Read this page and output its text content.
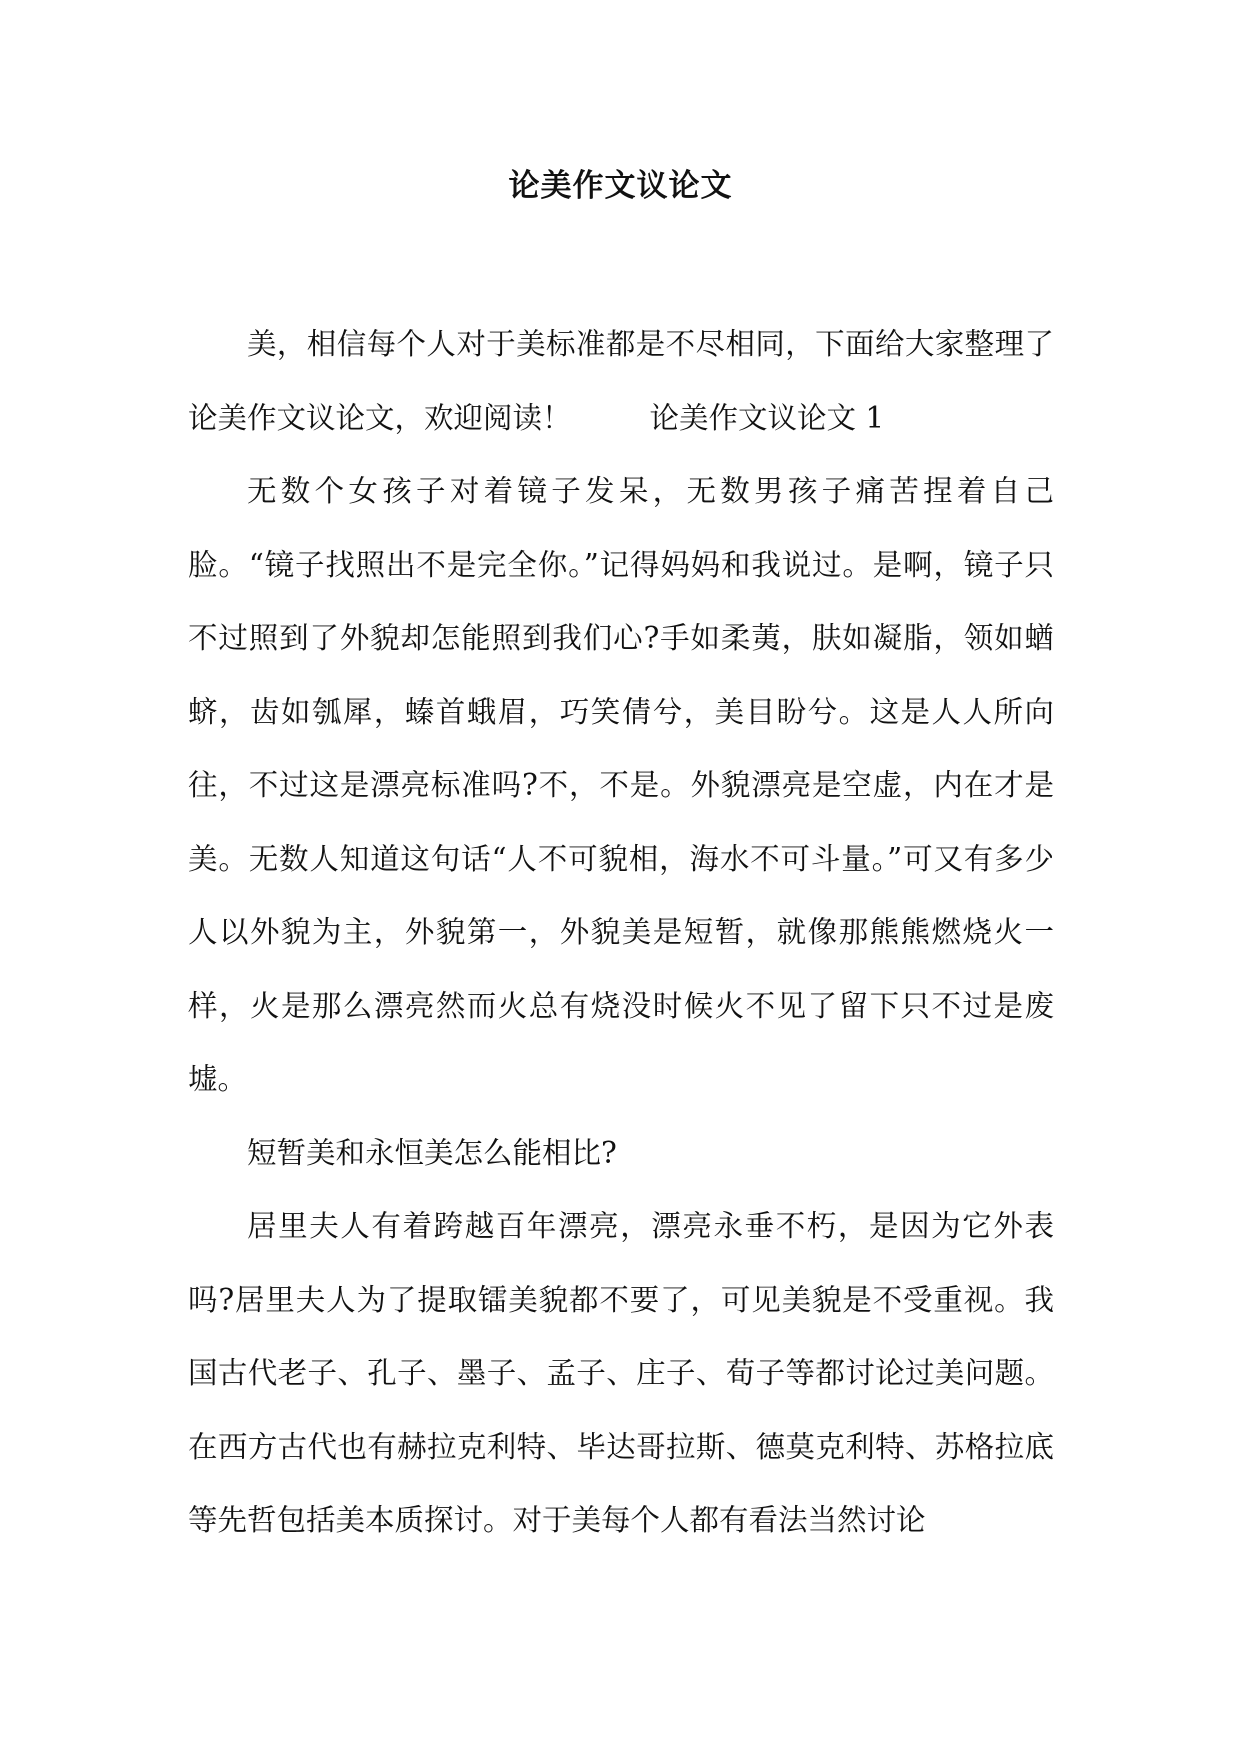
论美作文议论文

美，相信每个人对于美标准都是不尽相同，下面给大家整理了论美作文议论文，欢迎阅读！	论美作文议论文 1

无数个女孩子对着镜子发呆，无数男孩子痛苦捏着自己脸。“镜子找照出不是完全你。”记得妈妈和我说过。是啊，镜子只不过照到了外貌却怎能照到我们心?手如柔荑，肤如凝脂，领如蝤蛴，齿如瓠犀，螓首蛾眉，巧笑倩兮，美目盼兮。这是人人所向往，不过这是漂亮标准吗?不，不是。外貌漂亮是空虚，内在才是美。无数人知道这句话“人不可貌相，海水不可斗量。”可又有多少人以外貌为主，外貌第一，外貌美是短暂，就像那熊熊燃烧火一样，火是那么漂亮然而火总有烧没时候火不见了留下只不过是废墟。

短暂美和永恒美怎么能相比?

居里夫人有着跨越百年漂亮，漂亮永垂不朽，是因为它外表吗?居里夫人为了提取镭美貌都不要了，可见美貌是不受重视。我国古代老子、孔子、墨子、孟子、庄子、荀子等都讨论过美问题。在西方古代也有赫拉克利特、毕达哥拉斯、德莫克利特、苏格拉底等先哲包括美本质探讨。对于美每个人都有看法当然讨论
